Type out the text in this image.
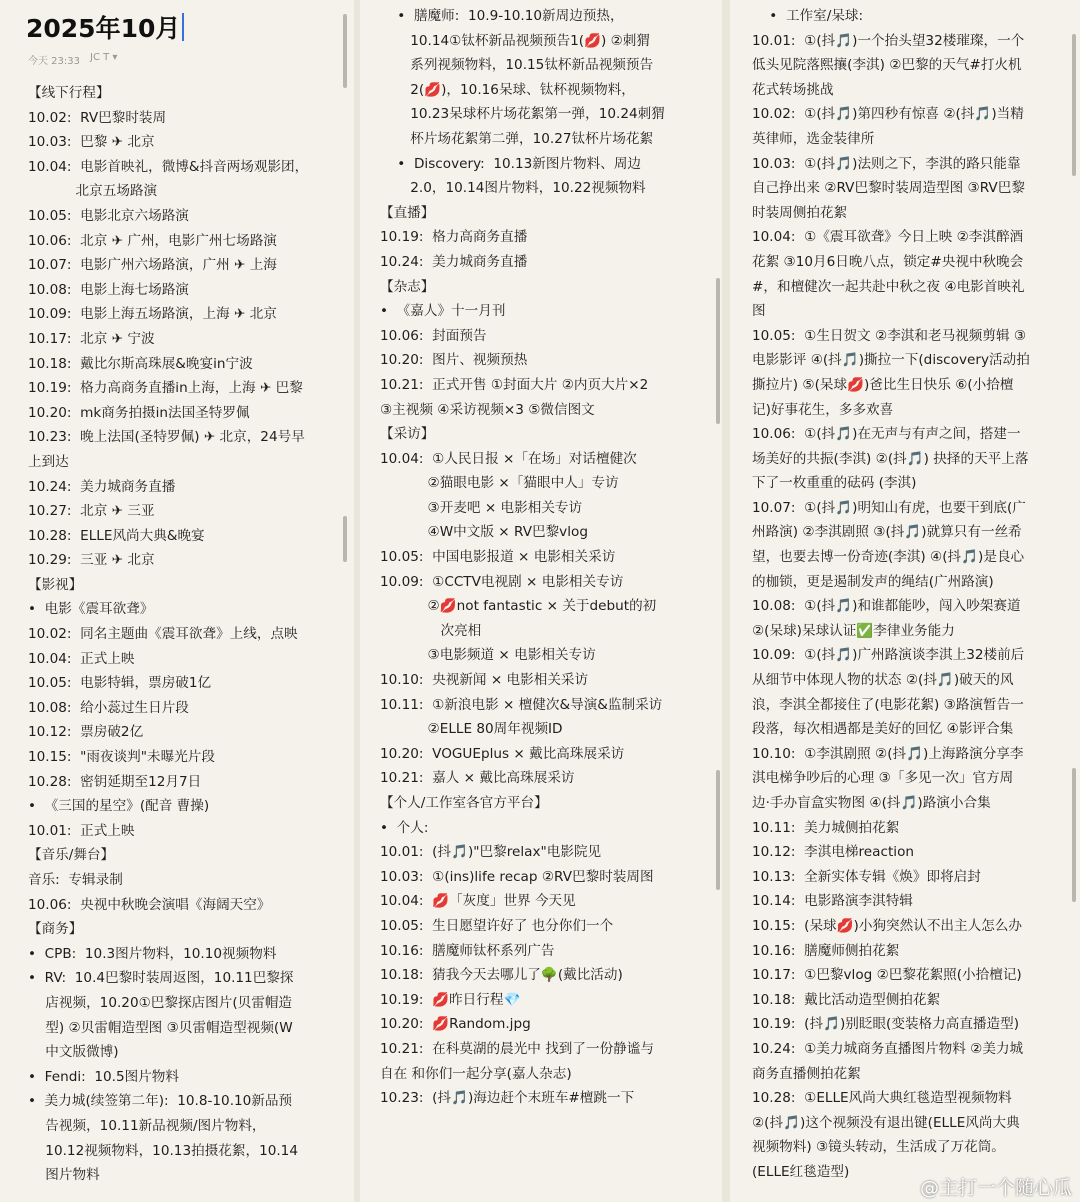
2025年10月
今天 23:33 JC T ▾
【线下行程】
10.02:  RV巴黎时装周
10.03:  巴黎 ✈ 北京
10.04:  电影首映礼，微博&抖音两场观影团，
北京五场路演
10.05:  电影北京六场路演
10.06:  北京 ✈ 广州，电影广州七场路演
10.07:  电影广州六场路演，广州 ✈ 上海
10.08:  电影上海七场路演
10.09:  电影上海五场路演，上海 ✈ 北京
10.17:  北京 ✈ 宁波
10.18:  戴比尔斯高珠展&晚宴in宁波
10.19:  格力高商务直播in上海，上海 ✈ 巴黎
10.20:  mk商务拍摄in法国圣特罗佩
10.23:  晚上法国(圣特罗佩) ✈ 北京，24号早
上到达
10.24:  美力城商务直播
10.27:  北京 ✈ 三亚
10.28:  ELLE风尚大典&晚宴
10.29:  三亚 ✈ 北京
【影视】
•  电影《震耳欲聋》
10.02:  同名主题曲《震耳欲聋》上线，点映
10.04:  正式上映
10.05:  电影特辑，票房破1亿
10.08:  给小蕊过生日片段
10.12:  票房破2亿
10.15:  "雨夜谈判"未曝光片段
10.28:  密钥延期至12月7日
•  《三国的星空》(配音 曹操)
10.01:  正式上映
【音乐/舞台】
音乐:  专辑录制
10.06:  央视中秋晚会演唱《海阔天空》
【商务】
•  CPB:  10.3图片物料，10.10视频物料
•  RV:  10.4巴黎时装周返图，10.11巴黎探
店视频，10.20①巴黎探店图片(贝雷帽造
型) ②贝雷帽造型图 ③贝雷帽造型视频(W
中文版微博)
•  Fendi:  10.5图片物料
•  美力城(续签第二年):  10.8-10.10新品预
告视频，10.11新品视频/图片物料，
10.12视频物料，10.13拍摄花絮，10.14
图片物料
•  膳魔师:  10.9-10.10新周边预热，
10.14①钛杯新品视频预告1(💋) ②刺猬
系列视频物料，10.15钛杯新品视频预告
2(💋)，10.16呆球、钛杯视频物料，
10.23呆球杯片场花絮第一弹，10.24刺猬
杯片场花絮第二弹，10.27钛杯片场花絮
•  Discovery:  10.13新图片物料、周边
2.0，10.14图片物料，10.22视频物料
【直播】
10.19:  格力高商务直播
10.24:  美力城商务直播
【杂志】
•  《嘉人》十一月刊
10.06:  封面预告
10.20:  图片、视频预热
10.21:  正式开售 ①封面大片 ②内页大片×2
③主视频 ④采访视频×3 ⑤微信图文
【采访】
10.04:  ①人民日报 ×「在场」对话檀健次
②猫眼电影 ×「猫眼中人」专访
③开麦吧 × 电影相关专访
④W中文版 × RV巴黎vlog
10.05:  中国电影报道 × 电影相关采访
10.09:  ①CCTV电视剧 × 电影相关专访
②💋not fantastic × 关于debut的初
次亮相
③电影频道 × 电影相关专访
10.10:  央视新闻 × 电影相关采访
10.11:  ①新浪电影 × 檀健次&导演&监制采访
②ELLE 80周年视频ID
10.20:  VOGUEplus × 戴比高珠展采访
10.21:  嘉人 × 戴比高珠展采访
【个人/工作室各官方平台】
•  个人:
10.01:  (抖🎵)"巴黎relax"电影院见
10.03:  ①(ins)life recap ②RV巴黎时装周图
10.04:  💋「灰度」世界 今天见
10.05:  生日愿望许好了 也分你们一个
10.16:  膳魔师钛杯系列广告
10.18:  猜我今天去哪儿了🌳(戴比活动)
10.19:  💋昨日行程💎
10.20:  💋Random.jpg
10.21:  在科莫湖的晨光中 找到了一份静谧与
自在 和你们一起分享(嘉人杂志)
10.23:  (抖🎵)海边赶个末班车#檀跳一下
•  工作室/呆球:
10.01:  ①(抖🎵)一个抬头望32楼璀璨，一个
低头见院落熙攘(李淇) ②巴黎的天气#打火机
花式转场挑战
10.02:  ①(抖🎵)第四秒有惊喜 ②(抖🎵)当精
英律师，选金装律所
10.03:  ①(抖🎵)法则之下，李淇的路只能靠
自己挣出来 ②RV巴黎时装周造型图 ③RV巴黎
时装周侧拍花絮
10.04:  ①《震耳欲聋》今日上映 ②李淇醉酒
花絮 ③10月6日晚八点，锁定#央视中秋晚会
#，和檀健次一起共赴中秋之夜 ④电影首映礼
图
10.05:  ①生日贺文 ②李淇和老马视频剪辑 ③
电影影评 ④(抖🎵)撕拉一下(discovery活动拍
撕拉片) ⑤(呆球💋)爸比生日快乐 ⑥(小拾檀
记)好事花生，多多欢喜
10.06:  ①(抖🎵)在无声与有声之间，搭建一
场美好的共振(李淇) ②(抖🎵) 抉择的天平上落
下了一枚重重的砝码 (李淇)
10.07:  ①(抖🎵)明知山有虎，也要干到底(广
州路演) ②李淇剧照 ③(抖🎵)就算只有一丝希
望，也要去博一份奇迹(李淇) ④(抖🎵)是良心
的枷锁，更是遏制发声的绳结(广州路演)
10.08:  ①(抖🎵)和谁都能吵，闯入吵架赛道
②(呆球)呆球认证✅李律业务能力
10.09:  ①(抖🎵)广州路演谈李淇上32楼前后
从细节中体现人物的状态 ②(抖🎵)破天的风
浪，李淇全都接住了(电影花絮) ③路演暂告一
段落，每次相遇都是美好的回忆 ④影评合集
10.10:  ①李淇剧照 ②(抖🎵)上海路演分享李
淇电梯争吵后的心理 ③「多见一次」官方周
边·手办盲盒实物图 ④(抖🎵)路演小合集
10.11:  美力城侧拍花絮
10.12:  李淇电梯reaction
10.13:  全新实体专辑《焕》即将启封
10.14:  电影路演李淇特辑
10.15:  (呆球💋)小狗突然认不出主人怎么办
10.16:  膳魔师侧拍花絮
10.17:  ①巴黎vlog ②巴黎花絮照(小拾檀记)
10.18:  戴比活动造型侧拍花絮
10.19:  (抖🎵)别眨眼(变装格力高直播造型)
10.24:  ①美力城商务直播图片物料 ②美力城
商务直播侧拍花絮
10.28:  ①ELLE风尚大典红毯造型视频物料
②(抖🎵)这个视频没有退出键(ELLE风尚大典
视频物料) ③镜头转动，生活成了万花筒。
(ELLE红毯造型)
@主打一个随心瓜
